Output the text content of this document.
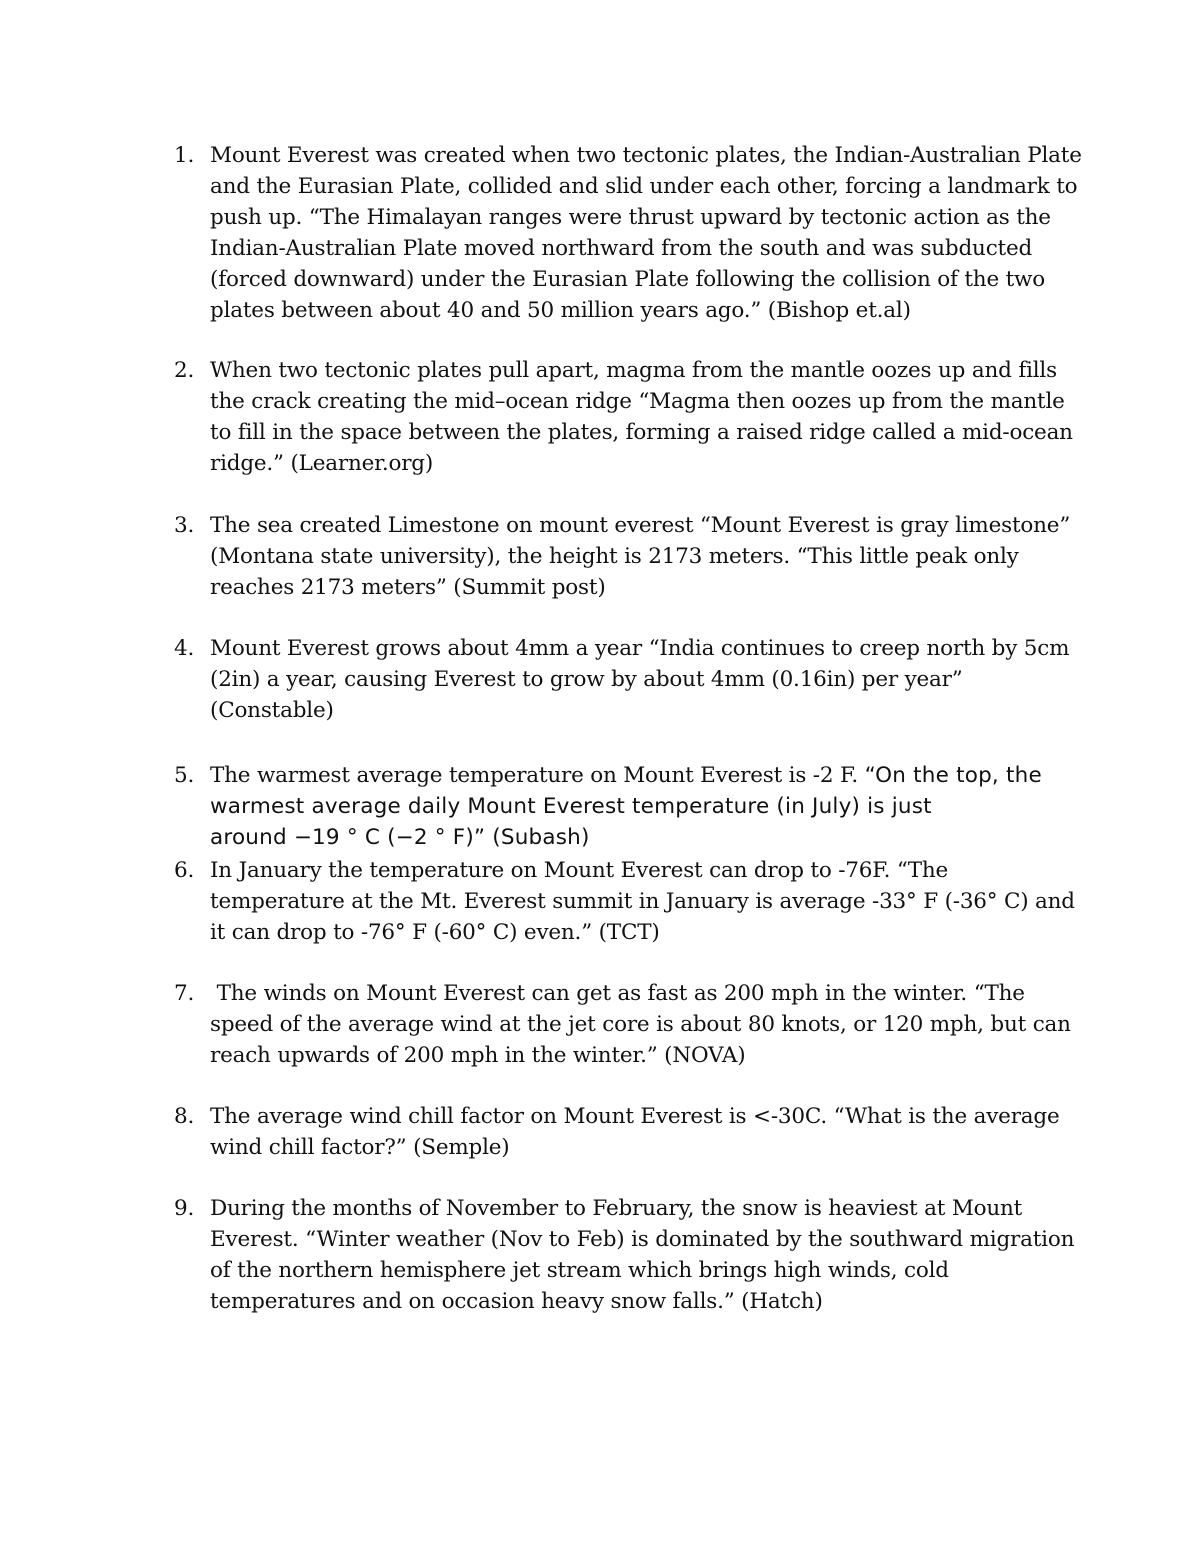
1. Mount Everest was created when two tectonic plates, the Indian-Australian Plate
and the Eurasian Plate, collided and slid under each other, forcing a landmark to
push up. “The Himalayan ranges were thrust upward by tectonic action as the
Indian-Australian Plate moved northward from the south and was subducted
(forced downward) under the Eurasian Plate following the collision of the two
plates between about 40 and 50 million years ago.” (Bishop et.al)
2. When two tectonic plates pull apart, magma from the mantle oozes up and fills
the crack creating the mid–ocean ridge “Magma then oozes up from the mantle
to fill in the space between the plates, forming a raised ridge called a mid-ocean
ridge.” (Learner.org)
3. The sea created Limestone on mount everest “Mount Everest is gray limestone”
(Montana state university), the height is 2173 meters. “This little peak only
reaches 2173 meters” (Summit post)
4. Mount Everest grows about 4mm a year “India continues to creep north by 5cm
(2in) a year, causing Everest to grow by about 4mm (0.16in) per year”
(Constable)
5. The warmest average temperature on Mount Everest is -2 F. “On the top, the
warmest average daily Mount Everest temperature (in July) is just
around −19 ° C (−2 ° F)” (Subash)
6. In January the temperature on Mount Everest can drop to -76F. “The
temperature at the Mt. Everest summit in January is average -33° F (-36° C) and
it can drop to -76° F (-60° C) even.” (TCT)
7. The winds on Mount Everest can get as fast as 200 mph in the winter. “The
speed of the average wind at the jet core is about 80 knots, or 120 mph, but can
reach upwards of 200 mph in the winter.” (NOVA)
8. The average wind chill factor on Mount Everest is <-30C. “What is the average
wind chill factor?” (Semple)
9. During the months of November to February, the snow is heaviest at Mount
Everest. “Winter weather (Nov to Feb) is dominated by the southward migration
of the northern hemisphere jet stream which brings high winds, cold
temperatures and on occasion heavy snow falls.” (Hatch)
